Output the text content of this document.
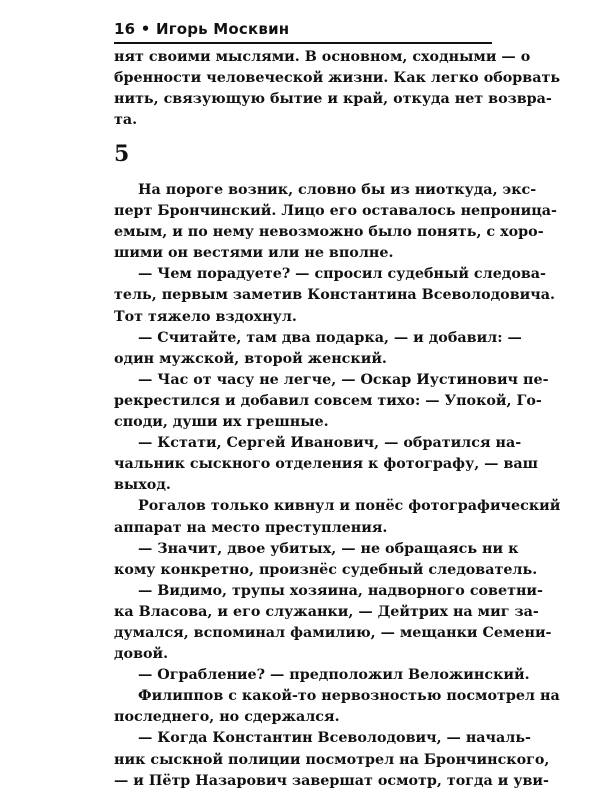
16 • Игорь Москвин
нят своими мыслями. В основном, сходными — о
бренности человеческой жизни. Как легко оборвать
нить, связующую бытие и край, откуда нет возвра-
та.
5
На пороге возник, словно бы из ниоткуда, экс-
перт Брончинский. Лицо его оставалось непроница-
емым, и по нему невозможно было понять, с хоро-
шими он вестями или не вполне.
— Чем порадуете? — спросил судебный следова-
тель, первым заметив Константина Всеволодовича.
Тот тяжело вздохнул.
— Считайте, там два подарка, — и добавил: —
один мужской, второй женский.
— Час от часу не легче, — Оскар Иустинович пе-
рекрестился и добавил совсем тихо: — Упокой, Го-
споди, души их грешные.
— Кстати, Сергей Иванович, — обратился на-
чальник сыскного отделения к фотографу, — ваш
выход.
Рогалов только кивнул и понёс фотографический
аппарат на место преступления.
— Значит, двое убитых, — не обращаясь ни к
кому конкретно, произнёс судебный следователь.
— Видимо, трупы хозяина, надворного советни-
ка Власова, и его служанки, — Дейтрих на миг за-
думался, вспоминал фамилию, — мещанки Семени-
довой.
— Ограбление? — предположил Веложинский.
Филиппов с какой-то нервозностью посмотрел на
последнего, но сдержался.
— Когда Константин Всеволодович, — началь-
ник сыскной полиции посмотрел на Брончинского,
— и Пётр Назарович завершат осмотр, тогда и уви-
